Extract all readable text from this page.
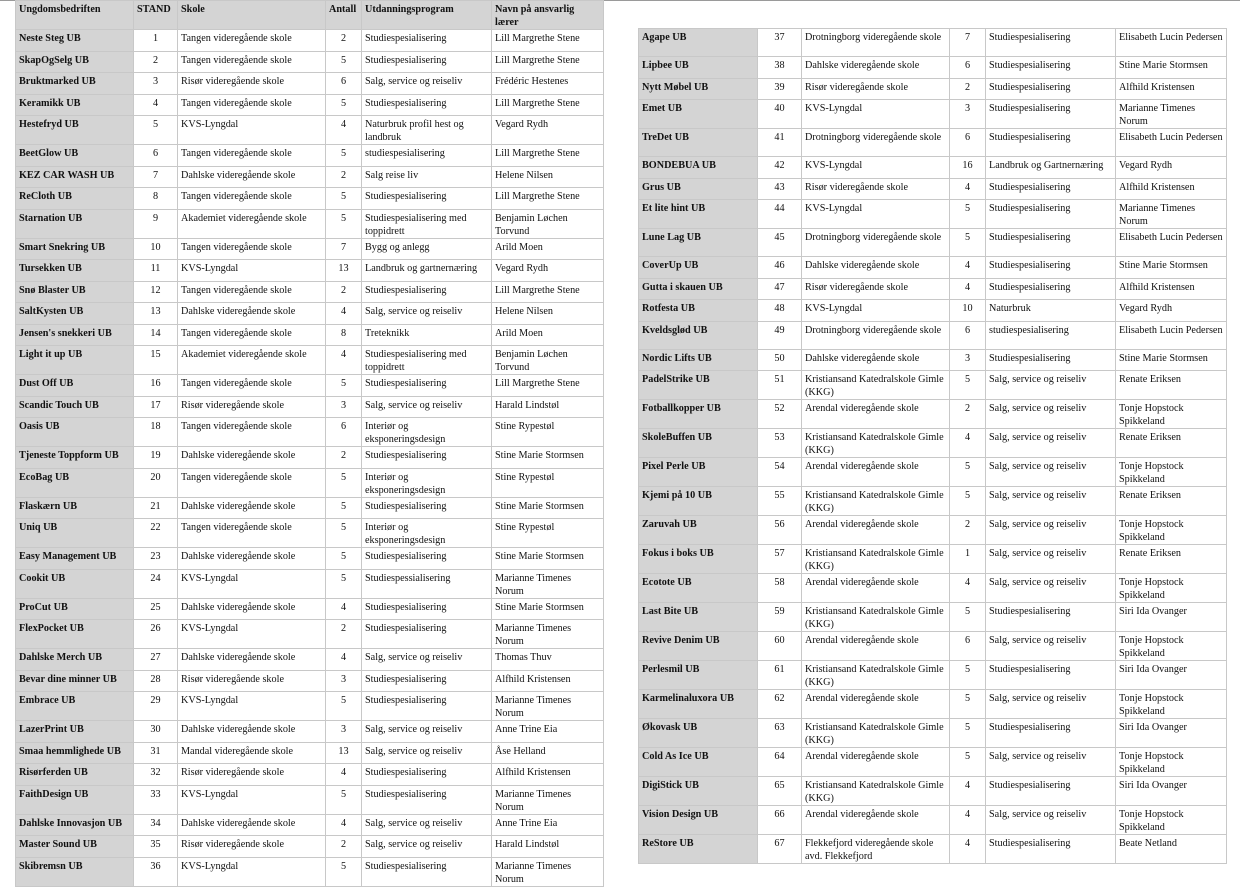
Ungdomsbedriften	STAND	Skole	Antall	Utdanningsprogram	Navn på ansvarlig lærer
Neste Steg UB	1	Tangen videregående skole	2	Studiespesialisering	Lill Margrethe Stene
SkapOgSelg UB	2	Tangen videregående skole	5	Studiespesialisering	Lill Margrethe Stene
Bruktmarked UB	3	Risør videregående skole	6	Salg, service og reiseliv	Frédéric Hestenes
Keramikk UB	4	Tangen videregående skole	5	Studiespesialisering	Lill Margrethe Stene
Hestefryd UB	5	KVS-Lyngdal	4	Naturbruk profil hest og landbruk	Vegard Rydh
BeetGlow UB	6	Tangen videregående skole	5	studiespesialisering	Lill Margrethe Stene
KEZ CAR WASH UB	7	Dahlske videregående skole	2	Salg reise liv	Helene Nilsen
ReCloth UB	8	Tangen videregående skole	5	Studiespesialisering	Lill Margrethe Stene
Starnation UB	9	Akademiet videregående skole	5	Studiespesialisering med toppidrett	Benjamin Løchen Torvund
Smart Snekring UB	10	Tangen videregående skole	7	Bygg og anlegg	Arild Moen
Tursekken UB	11	KVS-Lyngdal	13	Landbruk og gartnernæring	Vegard Rydh
Snø Blaster UB	12	Tangen videregående skole	2	Studiespesialisering	Lill Margrethe Stene
SaltKysten UB	13	Dahlske videregående skole	4	Salg, service og reiseliv	Helene Nilsen
Jensen's snekkeri UB	14	Tangen videregående skole	8	Treteknikk	Arild Moen
Light it up UB	15	Akademiet videregående skole	4	Studiespesialisering med toppidrett	Benjamin Løchen Torvund
Dust Off UB	16	Tangen videregående skole	5	Studiespesialisering	Lill Margrethe Stene
Scandic Touch UB	17	Risør videregående skole	3	Salg, service og reiseliv	Harald Lindstøl
Oasis UB	18	Tangen videregående skole	6	Interiør og eksponeringsdesign	Stine Rypestøl
Tjeneste Toppform UB	19	Dahlske videregående skole	2	Studiespesialisering	Stine Marie Stormsen
EcoBag UB	20	Tangen videregående skole	5	Interiør og eksponeringsdesign	Stine Rypestøl
Flaskærn UB	21	Dahlske videregående skole	5	Studiespesialisering	Stine Marie Stormsen
Uniq UB	22	Tangen videregående skole	5	Interiør og eksponeringsdesign	Stine Rypestøl
Easy Management UB	23	Dahlske videregående skole	5	Studiespesialisering	Stine Marie Stormsen
Cookit UB	24	KVS-Lyngdal	5	Studiespessialisering	Marianne Timenes Norum
ProCut UB	25	Dahlske videregående skole	4	Studiespesialisering	Stine Marie Stormsen
FlexPocket UB	26	KVS-Lyngdal	2	Studiespesialisering	Marianne Timenes Norum
Dahlske Merch UB	27	Dahlske videregående skole	4	Salg, service og reiseliv	Thomas Thuv
Bevar dine minner UB	28	Risør videregående skole	3	Studiespesialisering	Alfhild Kristensen
Embrace UB	29	KVS-Lyngdal	5	Studiespesialisering	Marianne Timenes Norum
LazerPrint UB	30	Dahlske videregående skole	3	Salg, service og reiseliv	Anne Trine Eia
Smaa hemmlighede UB	31	Mandal videregående skole	13	Salg, service og reiseliv	Åse Helland
Risørferden UB	32	Risør videregående skole	4	Studiespesialisering	Alfhild Kristensen
FaithDesign UB	33	KVS-Lyngdal	5	Studiespesialisering	Marianne Timenes Norum
Dahlske Innovasjon UB	34	Dahlske videregående skole	4	Salg, service og reiseliv	Anne Trine Eia
Master Sound UB	35	Risør videregående skole	2	Salg, service og reiseliv	Harald Lindstøl
Skibremsn UB	36	KVS-Lyngdal	5	Studiespesialisering	Marianne Timenes Norum
Agape UB	37	Drotningborg videregående skole	7	Studiespesialisering	Elisabeth Lucin Pedersen
Lipbee UB	38	Dahlske videregående skole	6	Studiespesialisering	Stine Marie Stormsen
Nytt Møbel UB	39	Risør videregående skole	2	Studiespesialisering	Alfhild Kristensen
Emet UB	40	KVS-Lyngdal	3	Studiespesialisering	Marianne Timenes Norum
TreDet UB	41	Drotningborg videregående skole	6	Studiespesialisering	Elisabeth Lucin Pedersen
BONDEBUA UB	42	KVS-Lyngdal	16	Landbruk og Gartnernæring	Vegard Rydh
Grus UB	43	Risør videregående skole	4	Studiespesialisering	Alfhild Kristensen
Et lite hint UB	44	KVS-Lyngdal	5	Studiespesialisering	Marianne Timenes Norum
Lune Lag UB	45	Drotningborg videregående skole	5	Studiespesialisering	Elisabeth Lucin Pedersen
CoverUp UB	46	Dahlske videregående skole	4	Studiespesialisering	Stine Marie Stormsen
Gutta i skauen UB	47	Risør videregående skole	4	Studiespesialisering	Alfhild Kristensen
Rotfesta UB	48	KVS-Lyngdal	10	Naturbruk	Vegard Rydh
Kveldsglød UB	49	Drotningborg videregående skole	6	studiespesialisering	Elisabeth Lucin Pedersen
Nordic Lifts UB	50	Dahlske videregående skole	3	Studiespesialisering	Stine Marie Stormsen
PadelStrike UB	51	Kristiansand Katedralskole Gimle (KKG)	5	Salg, service og reiseliv	Renate Eriksen
Fotballkopper UB	52	Arendal videregående skole	2	Salg, service og reiseliv	Tonje Hopstock Spikkeland
SkoleBuffen UB	53	Kristiansand Katedralskole Gimle (KKG)	4	Salg, service og reiseliv	Renate Eriksen
Pixel Perle UB	54	Arendal videregående skole	5	Salg, service og reiseliv	Tonje Hopstock Spikkeland
Kjemi på 10 UB	55	Kristiansand Katedralskole Gimle (KKG)	5	Salg, service og reiseliv	Renate Eriksen
Zaruvah UB	56	Arendal videregående skole	2	Salg, service og reiseliv	Tonje Hopstock Spikkeland
Fokus i boks UB	57	Kristiansand Katedralskole Gimle (KKG)	1	Salg, service og reiseliv	Renate Eriksen
Ecotote UB	58	Arendal videregående skole	4	Salg, service og reiseliv	Tonje Hopstock Spikkeland
Last Bite UB	59	Kristiansand Katedralskole Gimle (KKG)	5	Studiespesialisering	Siri Ida Ovanger
Revive Denim UB	60	Arendal videregående skole	6	Salg, service og reiseliv	Tonje Hopstock Spikkeland
Perlesmil UB	61	Kristiansand Katedralskole Gimle (KKG)	5	Studiespesialisering	Siri Ida Ovanger
Karmelinaluxora UB	62	Arendal videregående skole	5	Salg, service og reiseliv	Tonje Hopstock Spikkeland
Økovask UB	63	Kristiansand Katedralskole Gimle (KKG)	5	Studiespesialisering	Siri Ida Ovanger
Cold As Ice UB	64	Arendal videregående skole	5	Salg, service og reiseliv	Tonje Hopstock Spikkeland
DigiStick UB	65	Kristiansand Katedralskole Gimle (KKG)	4	Studiespesialisering	Siri Ida Ovanger
Vision Design UB	66	Arendal videregående skole	4	Salg, service og reiseliv	Tonje Hopstock Spikkeland
ReStore UB	67	Flekkefjord videregående skole avd. Flekkefjord	4	Studiespesialisering	Beate Netland
